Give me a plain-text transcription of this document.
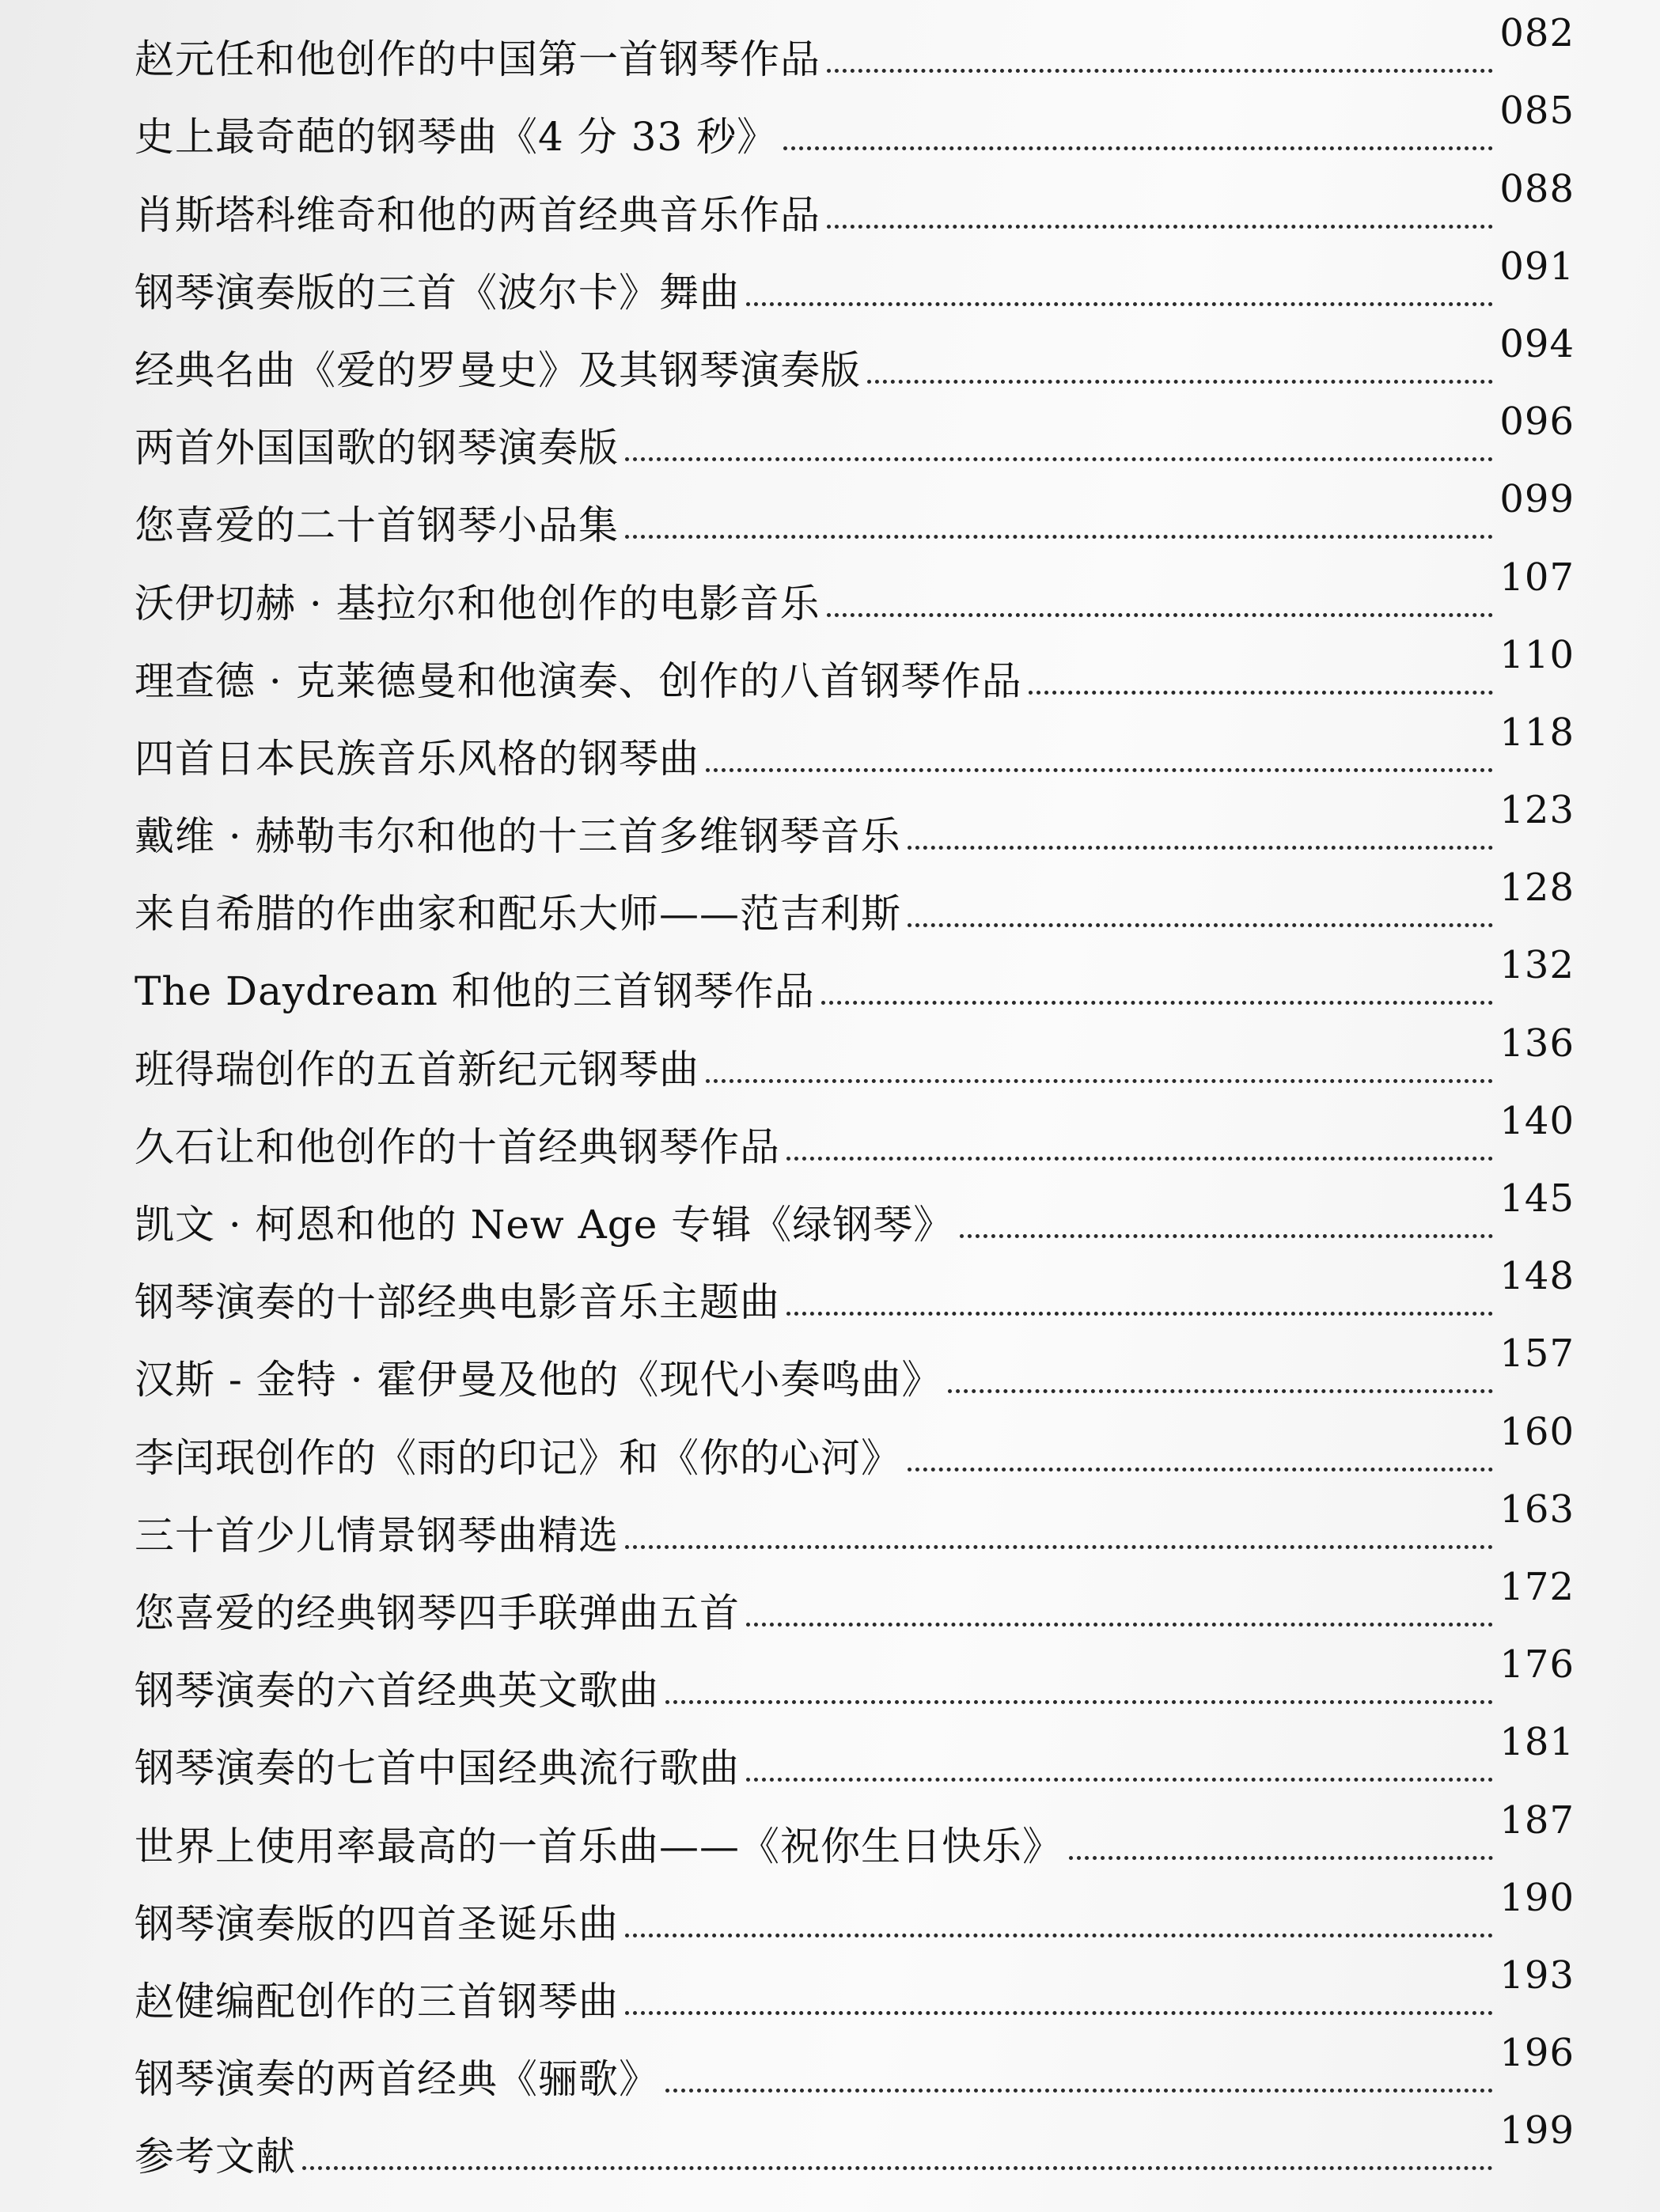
赵元任和他创作的中国第一首钢琴作品
082
史上最奇葩的钢琴曲《4 分 33 秒》
085
肖斯塔科维奇和他的两首经典音乐作品
088
钢琴演奏版的三首《波尔卡》舞曲
091
经典名曲《爱的罗曼史》及其钢琴演奏版
094
两首外国国歌的钢琴演奏版
096
您喜爱的二十首钢琴小品集
099
沃伊切赫 · 基拉尔和他创作的电影音乐
107
理查德 · 克莱德曼和他演奏、创作的八首钢琴作品
110
四首日本民族音乐风格的钢琴曲
118
戴维 · 赫勒韦尔和他的十三首多维钢琴音乐
123
来自希腊的作曲家和配乐大师——范吉利斯
128
The Daydream 和他的三首钢琴作品
132
班得瑞创作的五首新纪元钢琴曲
136
久石让和他创作的十首经典钢琴作品
140
凯文 · 柯恩和他的 New Age 专辑《绿钢琴》
145
钢琴演奏的十部经典电影音乐主题曲
148
汉斯 - 金特 · 霍伊曼及他的《现代小奏鸣曲》
157
李闰珉创作的《雨的印记》和《你的心河》
160
三十首少儿情景钢琴曲精选
163
您喜爱的经典钢琴四手联弹曲五首
172
钢琴演奏的六首经典英文歌曲
176
钢琴演奏的七首中国经典流行歌曲
181
世界上使用率最高的一首乐曲——《祝你生日快乐》
187
钢琴演奏版的四首圣诞乐曲
190
赵健编配创作的三首钢琴曲
193
钢琴演奏的两首经典《骊歌》
196
参考文献
199
